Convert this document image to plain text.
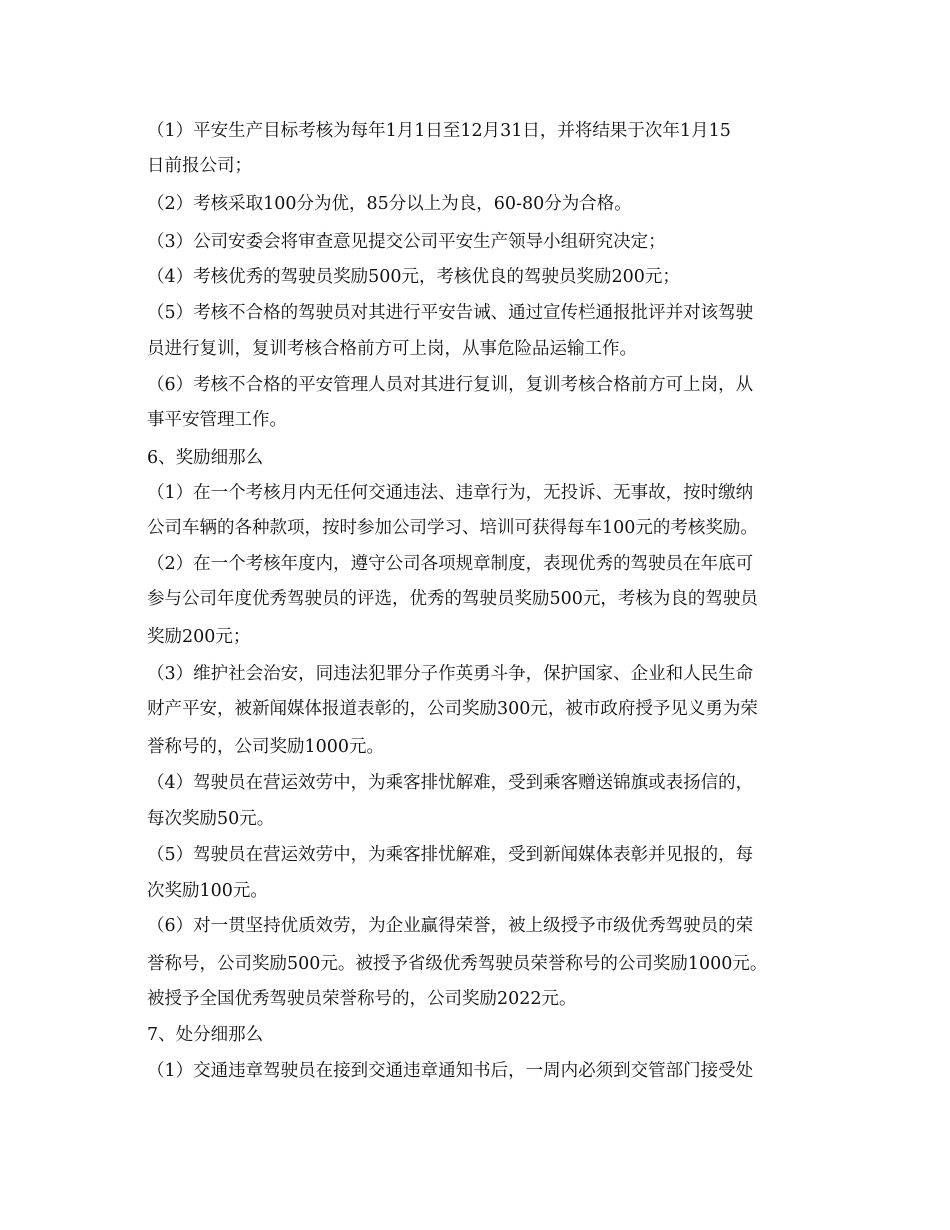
（1）平安生产目标考核为每年1月1日至12月31日，并将结果于次年1月15

日前报公司；

（2）考核采取100分为优，85分以上为良，60-80分为合格。

（3）公司安委会将审查意见提交公司平安生产领导小组研究决定；

（4）考核优秀的驾驶员奖励500元，考核优良的驾驶员奖励200元；

（5）考核不合格的驾驶员对其进行平安告诫、通过宣传栏通报批评并对该驾驶

员进行复训，复训考核合格前方可上岗，从事危险品运输工作。

（6）考核不合格的平安管理人员对其进行复训，复训考核合格前方可上岗，从

事平安管理工作。

6、奖励细那么

（1）在一个考核月内无任何交通违法、违章行为，无投诉、无事故，按时缴纳

公司车辆的各种款项，按时参加公司学习、培训可获得每车100元的考核奖励。

（2）在一个考核年度内，遵守公司各项规章制度，表现优秀的驾驶员在年底可

参与公司年度优秀驾驶员的评选，优秀的驾驶员奖励500元，考核为良的驾驶员

奖励200元；

（3）维护社会治安，同违法犯罪分子作英勇斗争，保护国家、企业和人民生命

财产平安，被新闻媒体报道表彰的，公司奖励300元，被市政府授予见义勇为荣

誉称号的，公司奖励1000元。

（4）驾驶员在营运效劳中，为乘客排忧解难，受到乘客赠送锦旗或表扬信的，

每次奖励50元。

（5）驾驶员在营运效劳中，为乘客排忧解难，受到新闻媒体表彰并见报的，每

次奖励100元。

（6）对一贯坚持优质效劳，为企业赢得荣誉，被上级授予市级优秀驾驶员的荣

誉称号，公司奖励500元。被授予省级优秀驾驶员荣誉称号的公司奖励1000元。

被授予全国优秀驾驶员荣誉称号的，公司奖励2022元。

7、处分细那么

（1）交通违章驾驶员在接到交通违章通知书后，一周内必须到交管部门接受处
